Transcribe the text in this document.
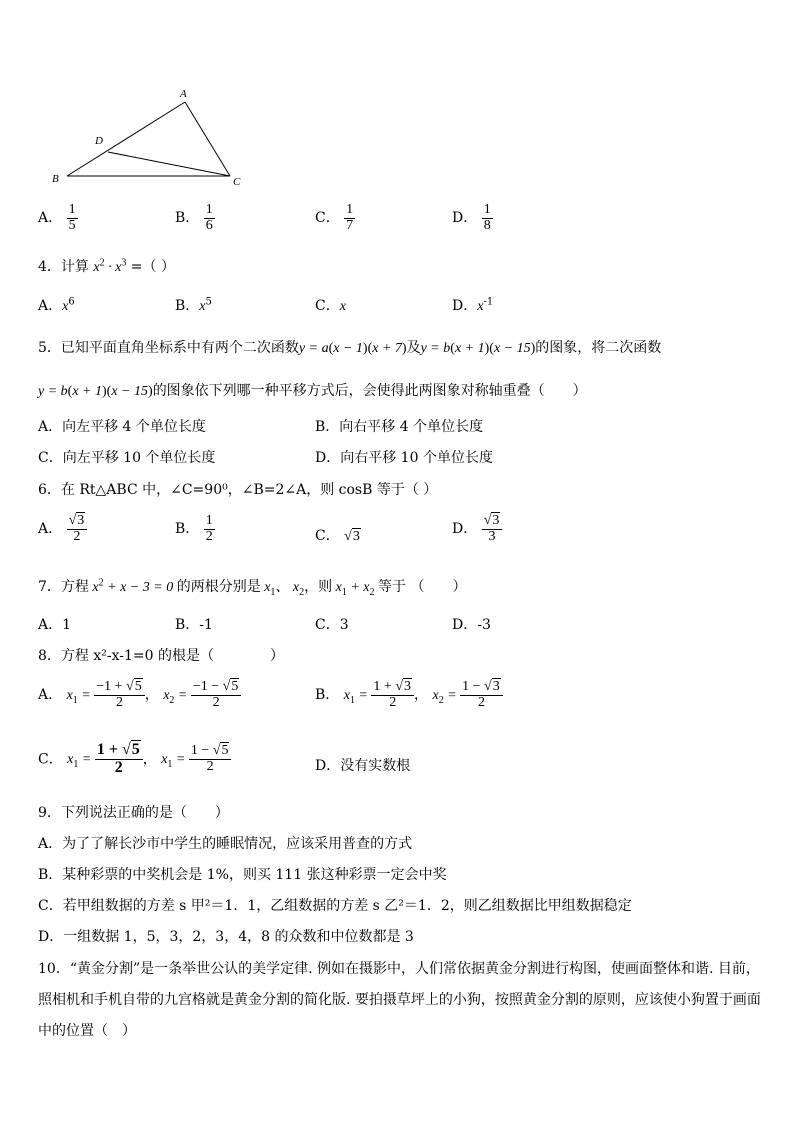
A
B	C
D
A． $\frac{1}{5}$	B． $\frac{1}{6}$	C． $\frac{1}{7}$	D． $\frac{1}{8}$
4．计算 $x^2 \cdot x^3$ =（ ）
A．$x^6$	B．$x^5$	C．x	D．$x^{-1}$
5．已知平面直角坐标系中有两个二次函数y = a(x − 1)(x + 7)及y = b(x + 1)(x − 15)的图象，将二次函数
y = b(x + 1)(x − 15)的图象依下列哪一种平移方式后，会使得此两图象对称轴重叠（　　）
A．向左平移 4 个单位长度	B．向右平移 4 个单位长度
C．向左平移 10 个单位长度	D．向右平移 10 个单位长度
6．在 Rt△ABC 中，∠C=90⁰，∠B=2∠A，则 cosB 等于（ ）
A． $\frac{√3}{2}$	B． $\frac{1}{2}$	C． √3	D． $\frac{√3}{3}$
7．方程 $x^2 + x - 3 = 0$ 的两根分别是 $x_1$、 $x_2$，则 $x_1 + x_2$ 等于 （　　）
A．1	B．-1	C．3	D．-3
8．方程 x²-x-1=0 的根是（　　　　）
A． $x_1 = \frac{-1 + √5}{2}$ ， $x_2 = \frac{-1 - √5}{2}$	B． $x_1 = \frac{1 + √3}{2}$ ， $x_2 = \frac{1 - √3}{2}$
C． $x_1 = \frac{1 + √5}{2}$ ， $x_1 = \frac{1 - √5}{2}$	D．没有实数根
9．下列说法正确的是（　　）
A．为了了解长沙市中学生的睡眠情况，应该采用普查的方式
B．某种彩票的中奖机会是 1%，则买 111 张这种彩票一定会中奖
C．若甲组数据的方差 s 甲²＝1．1，乙组数据的方差 s 乙²＝1．2，则乙组数据比甲组数据稳定
D．一组数据 1，5，3，2，3，4，8 的众数和中位数都是 3
10．“黄金分割”是一条举世公认的美学定律. 例如在摄影中，人们常依据黄金分割进行构图，使画面整体和谐. 目前，
照相机和手机自带的九宫格就是黄金分割的简化版. 要拍摄草坪上的小狗，按照黄金分割的原则，应该使小狗置于画面
中的位置（　）
